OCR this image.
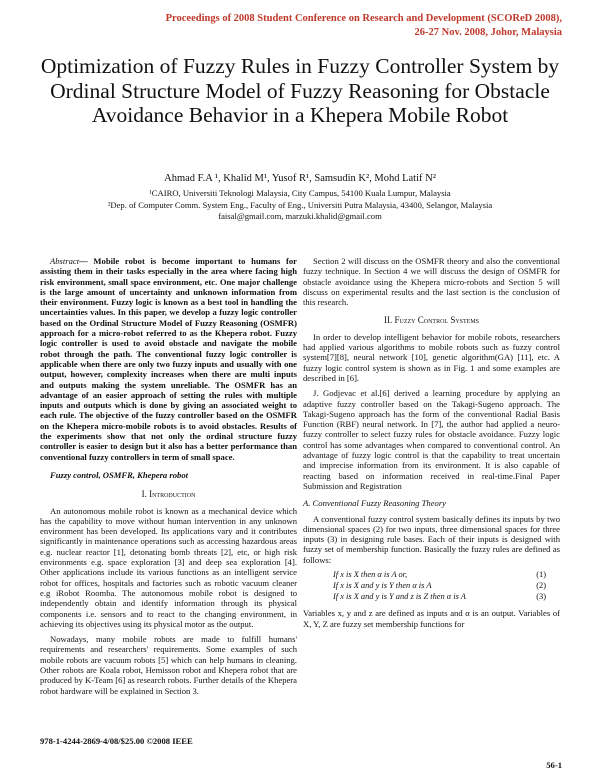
Proceedings of 2008 Student Conference on Research and Development (SCOReD 2008),
26-27 Nov. 2008, Johor, Malaysia
Optimization of Fuzzy Rules in Fuzzy Controller System by Ordinal Structure Model of Fuzzy Reasoning for Obstacle Avoidance Behavior in a Khepera Mobile Robot
Ahmad F.A ¹, Khalid M¹, Yusof R¹, Samsudin K², Mohd Latif N²
¹CAIRO, Universiti Teknologi Malaysia, City Campus, 54100 Kuala Lumpur, Malaysia
²Dep. of Computer Comm. System Eng., Faculty of Eng., Universiti Putra Malaysia, 43400, Selangor, Malaysia
faisal@gmail.com, marzuki.khalid@gmail.com
Abstract— Mobile robot is become important to humans for assisting them in their tasks especially in the area where facing high risk environment, small space environment, etc. One major challenge is the large amount of uncertainty and unknown information from their environment. Fuzzy logic is known as a best tool in handling the uncertainties values. In this paper, we develop a fuzzy logic controller based on the Ordinal Structure Model of Fuzzy Reasoning (OSMFR) approach for a micro-robot referred to as the Khepera robot. Fuzzy logic controller is used to avoid obstacle and navigate the mobile robot through the path. The conventional fuzzy logic controller is applicable when there are only two fuzzy inputs and usually with one output, however, complexity increases when there are multi inputs and outputs making the system unreliable. The OSMFR has an advantage of an easier approach of setting the rules with multiple inputs and outputs which is done by giving an associated weight to each rule. The objective of the fuzzy controller based on the OSMFR on the Khepera micro-mobile robots is to avoid obstacles. Results of the experiments show that not only the ordinal structure fuzzy controller is easier to design but it also has a better performance than conventional fuzzy controllers in term of small space.
Fuzzy control, OSMFR, Khepera robot
I. Introduction

An autonomous mobile robot is known as a mechanical device which has the capability to move without human intervention in any unknown environment has been developed. Its applications vary and it contributes significantly in maintenance operations such as accessing hazardous areas e.g. nuclear reactor [1], detonating bomb threats [2], etc, or high risk environments e.g. space exploration [3] and deep sea exploration [4]. Other applications include its various functions as an intelligent service robot for offices, hospitals and factories such as robotic vacuum cleaner e.g iRobot Roomba. The autonomous mobile robot is designed to independently obtain and identify information through its physical components i.e. sensors and to react to the changing environment, in achieving its objectives using its physical motor as the output.

Nowadays, many mobile robots are made to fulfill humans' requirements and researchers' requirements. Some examples of such mobile robots are vacuum robots [5] which can help humans in cleaning. Other robots are Koala robot, Hemisson robot and Khepera robot that are produced by K-Team [6] as research robots. Further details of the Khepera robot hardware will be explained in Section 3.

Section 2 will discuss on the OSMFR theory and also the conventional fuzzy technique. In Section 4 we will discuss the design of OSMFR for obstacle avoidance using the Khepera micro-robots and Section 5 will discuss on experimental results and the last section is the conclusion of this research.

II. Fuzzy Control Systems

In order to develop intelligent behavior for mobile robots, researchers had applied various algorithms to mobile robots such as fuzzy control system[7][8], neural network [10], genetic algorithm(GA) [11], etc. A fuzzy logic control system is shown as in Fig. 1 and some examples are described in [6].

J. Godjevac et al.[6] derived a learning procedure by applying an adaptive fuzzy controller based on the Takagi-Sugeno approach. The Takagi-Sugeno approach has the form of the conventional Radial Basis Function (RBF) neural network. In [7], the author had applied a neuro-fuzzy controller to select fuzzy rules for obstacle avoidance. Fuzzy logic control has some advantages when compared to conventional control. An advantage of fuzzy logic control is that the capability to treat uncertain and imprecise information from its environment. It is also capable of reacting based on information received in real-time.Final Paper Submission and Registration

A. Conventional Fuzzy Reasoning Theory

A conventional fuzzy control system basically defines its inputs by two dimensional spaces (2) for two inputs, three dimensional spaces for three inputs (3) in designing rule bases. Each of their inputs is designed with fuzzy set of membership function. Basically the fuzzy rules are defined as follows:

If x is X then α is A or,	(1)
If x is X and y is Y then α is A	(2)
If x is X and y is Y and z is Z then α is A	(3)

Variables x, y and z are defined as inputs and α is an output. Variables of X, Y, Z are fuzzy set membership functions for

978-1-4244-2869-4/08/$25.00 ©2008 IEEE
56-1
